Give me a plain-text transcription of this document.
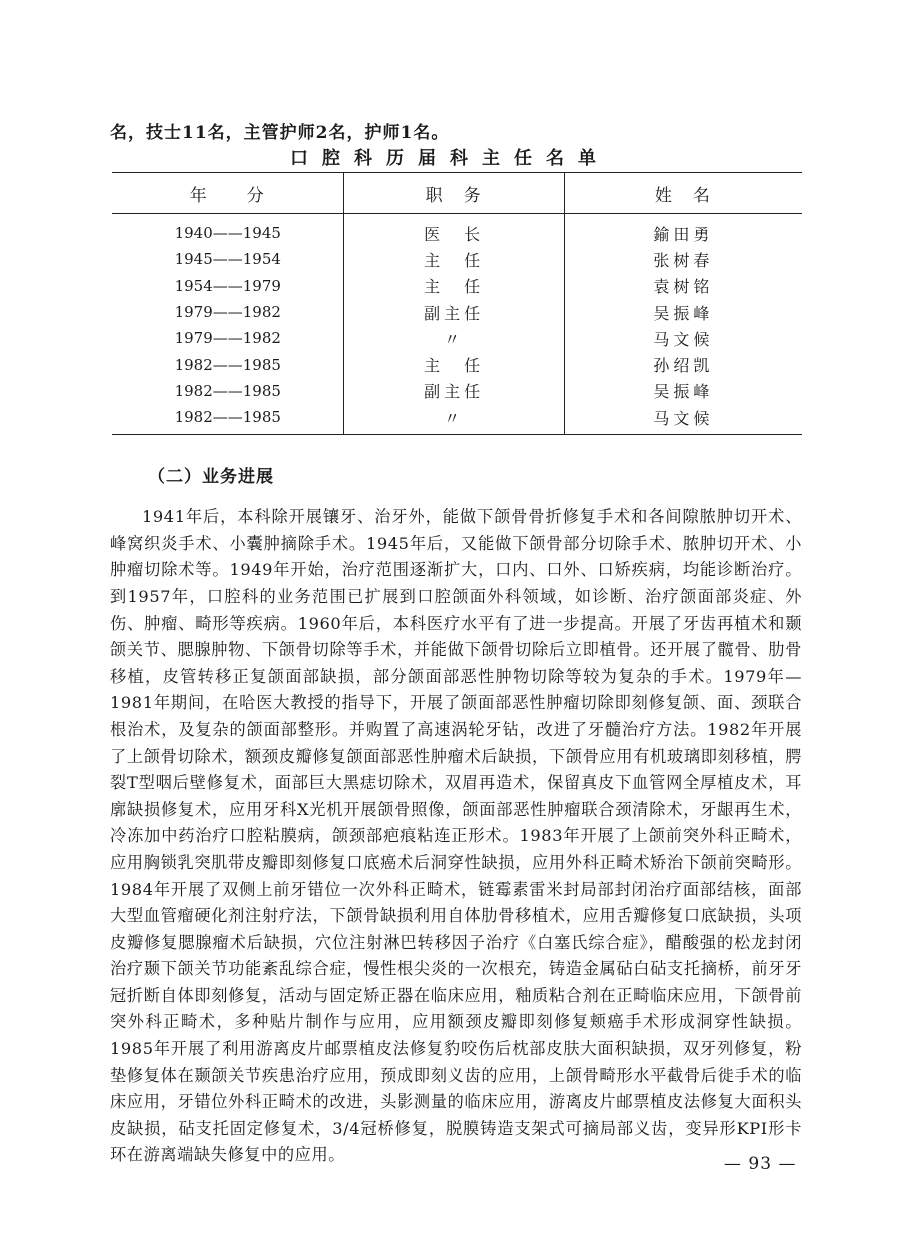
名，技士11名，主管护师2名，护师1名。
口腔科历届科主任名单
年　　分	职　务	姓　名
1940——1945	医　长	鍮田勇
1945——1954	主　任	张树春
1954——1979	主　任	袁树铭
1979——1982	副主任	吴振峰
1979——1982	〃	马文候
1982——1985	主　任	孙绍凯
1982——1985	副主任	吴振峰
1982——1985	〃	马文候
（二）业务进展

1941年后，本科除开展镶牙、治牙外，能做下颌骨骨折修复手术和各间隙脓肿切开术、峰窝织炎手术、小囊肿摘除手术。1945年后，又能做下颌骨部分切除手术、脓肿切开术、小肿瘤切除术等。1949年开始，治疗范围逐渐扩大，口内、口外、口矫疾病，均能诊断治疗。到1957年，口腔科的业务范围已扩展到口腔颌面外科领域，如诊断、治疗颌面部炎症、外伤、肿瘤、畸形等疾病。1960年后，本科医疗水平有了进一步提高。开展了牙齿再植术和颞颌关节、腮腺肿物、下颌骨切除等手术，并能做下颌骨切除后立即植骨。还开展了髋骨、肋骨移植，皮管转移正复颌面部缺损，部分颌面部恶性肿物切除等较为复杂的手术。1979年—1981年期间，在哈医大教授的指导下，开展了颌面部恶性肿瘤切除即刻修复颌、面、颈联合根治术，及复杂的颌面部整形。并购置了高速涡轮牙钻，改进了牙髓治疗方法。1982年开展了上颌骨切除术，额颈皮瓣修复颌面部恶性肿瘤术后缺损，下颌骨应用有机玻璃即刻移植，腭裂T型咽后壁修复术，面部巨大黑痣切除术，双眉再造术，保留真皮下血管网全厚植皮术，耳廓缺损修复术，应用牙科X光机开展颌骨照像，颌面部恶性肿瘤联合颈清除术，牙龈再生术，冷冻加中药治疗口腔粘膜病，颌颈部疤痕粘连正形术。1983年开展了上颌前突外科正畸术，应用胸锁乳突肌带皮瓣即刻修复口底癌术后洞穿性缺损，应用外科正畸术矫治下颌前突畸形。1984年开展了双侧上前牙错位一次外科正畸术，链霉素雷米封局部封闭治疗面部结核，面部大型血管瘤硬化剂注射疗法，下颌骨缺损利用自体肋骨移植术，应用舌瓣修复口底缺损，头项皮瓣修复腮腺瘤术后缺损，穴位注射淋巴转移因子治疗《白塞氏综合症》，醋酸强的松龙封闭治疗颞下颌关节功能紊乱综合症，慢性根尖炎的一次根充，铸造金属砧白砧支托摘桥，前牙牙冠折断自体即刻修复，活动与固定矫正器在临床应用，釉质粘合剂在正畸临床应用，下颌骨前突外科正畸术，多种贴片制作与应用，应用额颈皮瓣即刻修复颊癌手术形成洞穿性缺损。1985年开展了利用游离皮片邮票植皮法修复豹咬伤后枕部皮肤大面积缺损，双牙列修复，粉垫修复体在颞颌关节疾患治疗应用，预成即刻义齿的应用，上颌骨畸形水平截骨后徙手术的临床应用，牙错位外科正畸术的改进，头影测量的临床应用，游离皮片邮票植皮法修复大面积头皮缺损，砧支托固定修复术，3/4冠桥修复，脱膜铸造支架式可摘局部义齿，变异形KPI形卡环在游离端缺失修复中的应用。	— 93 —
